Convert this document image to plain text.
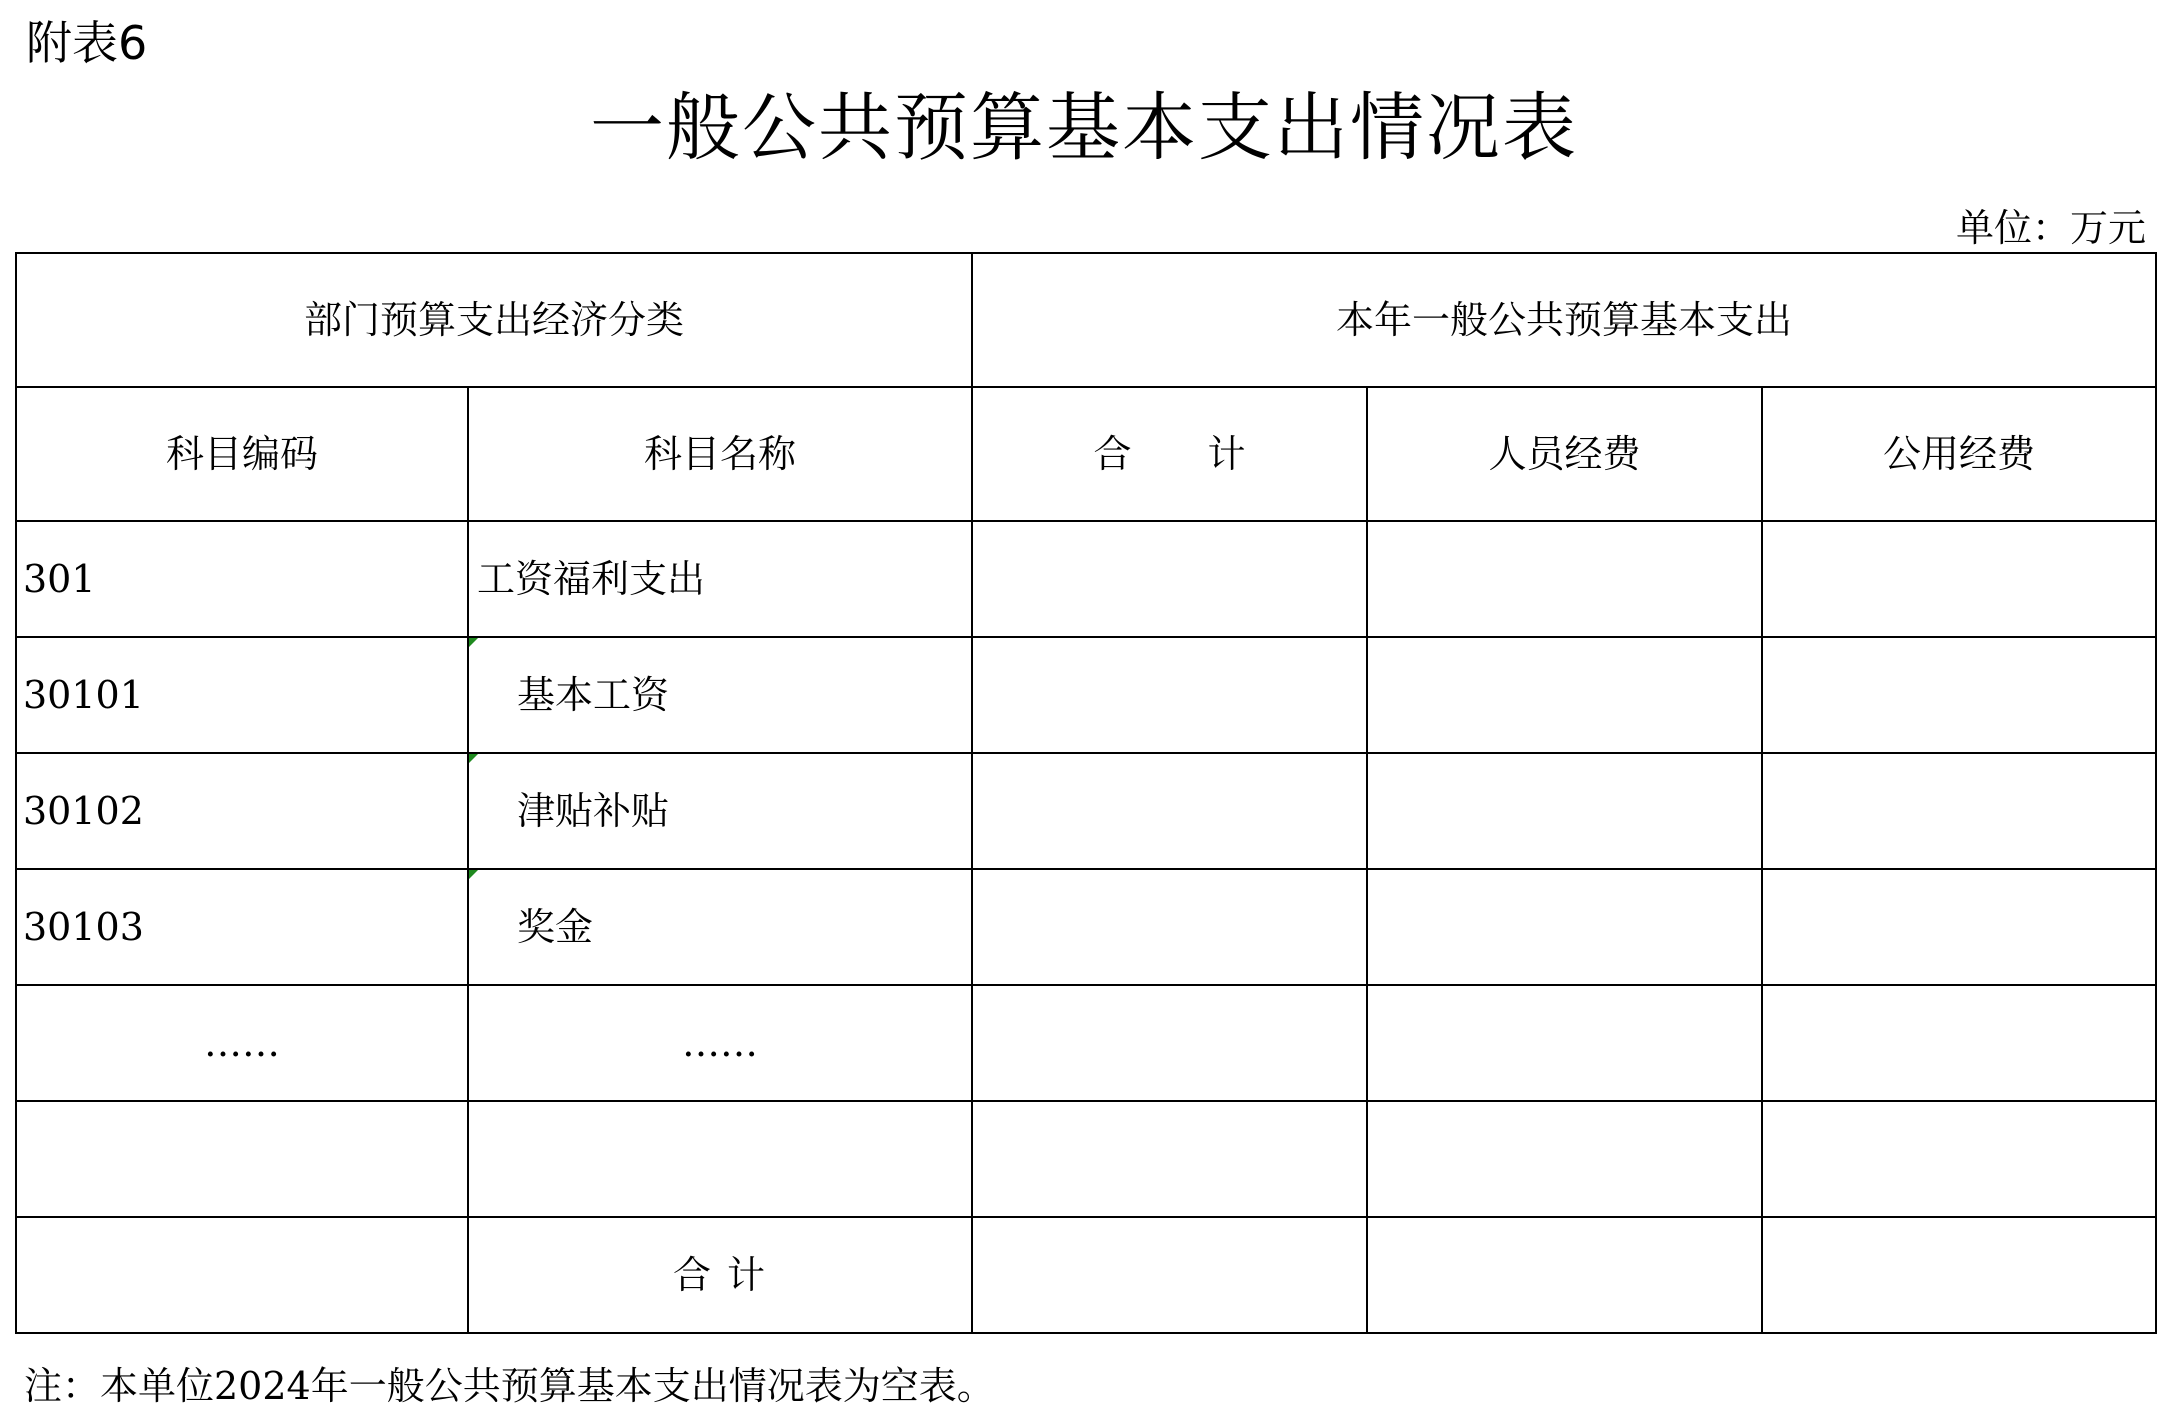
附表6
一般公共预算基本支出情况表
单位：万元
部门预算支出经济分类		本年一般公共预算基本支出		
科目编码	科目名称	合　　计	人员经费	公用经费
301	工资福利支出			
30101	基本工资			
30102	津贴补贴			
30103	奖金			
……	……			

	合 计			
注：本单位2024年一般公共预算基本支出情况表为空表。
